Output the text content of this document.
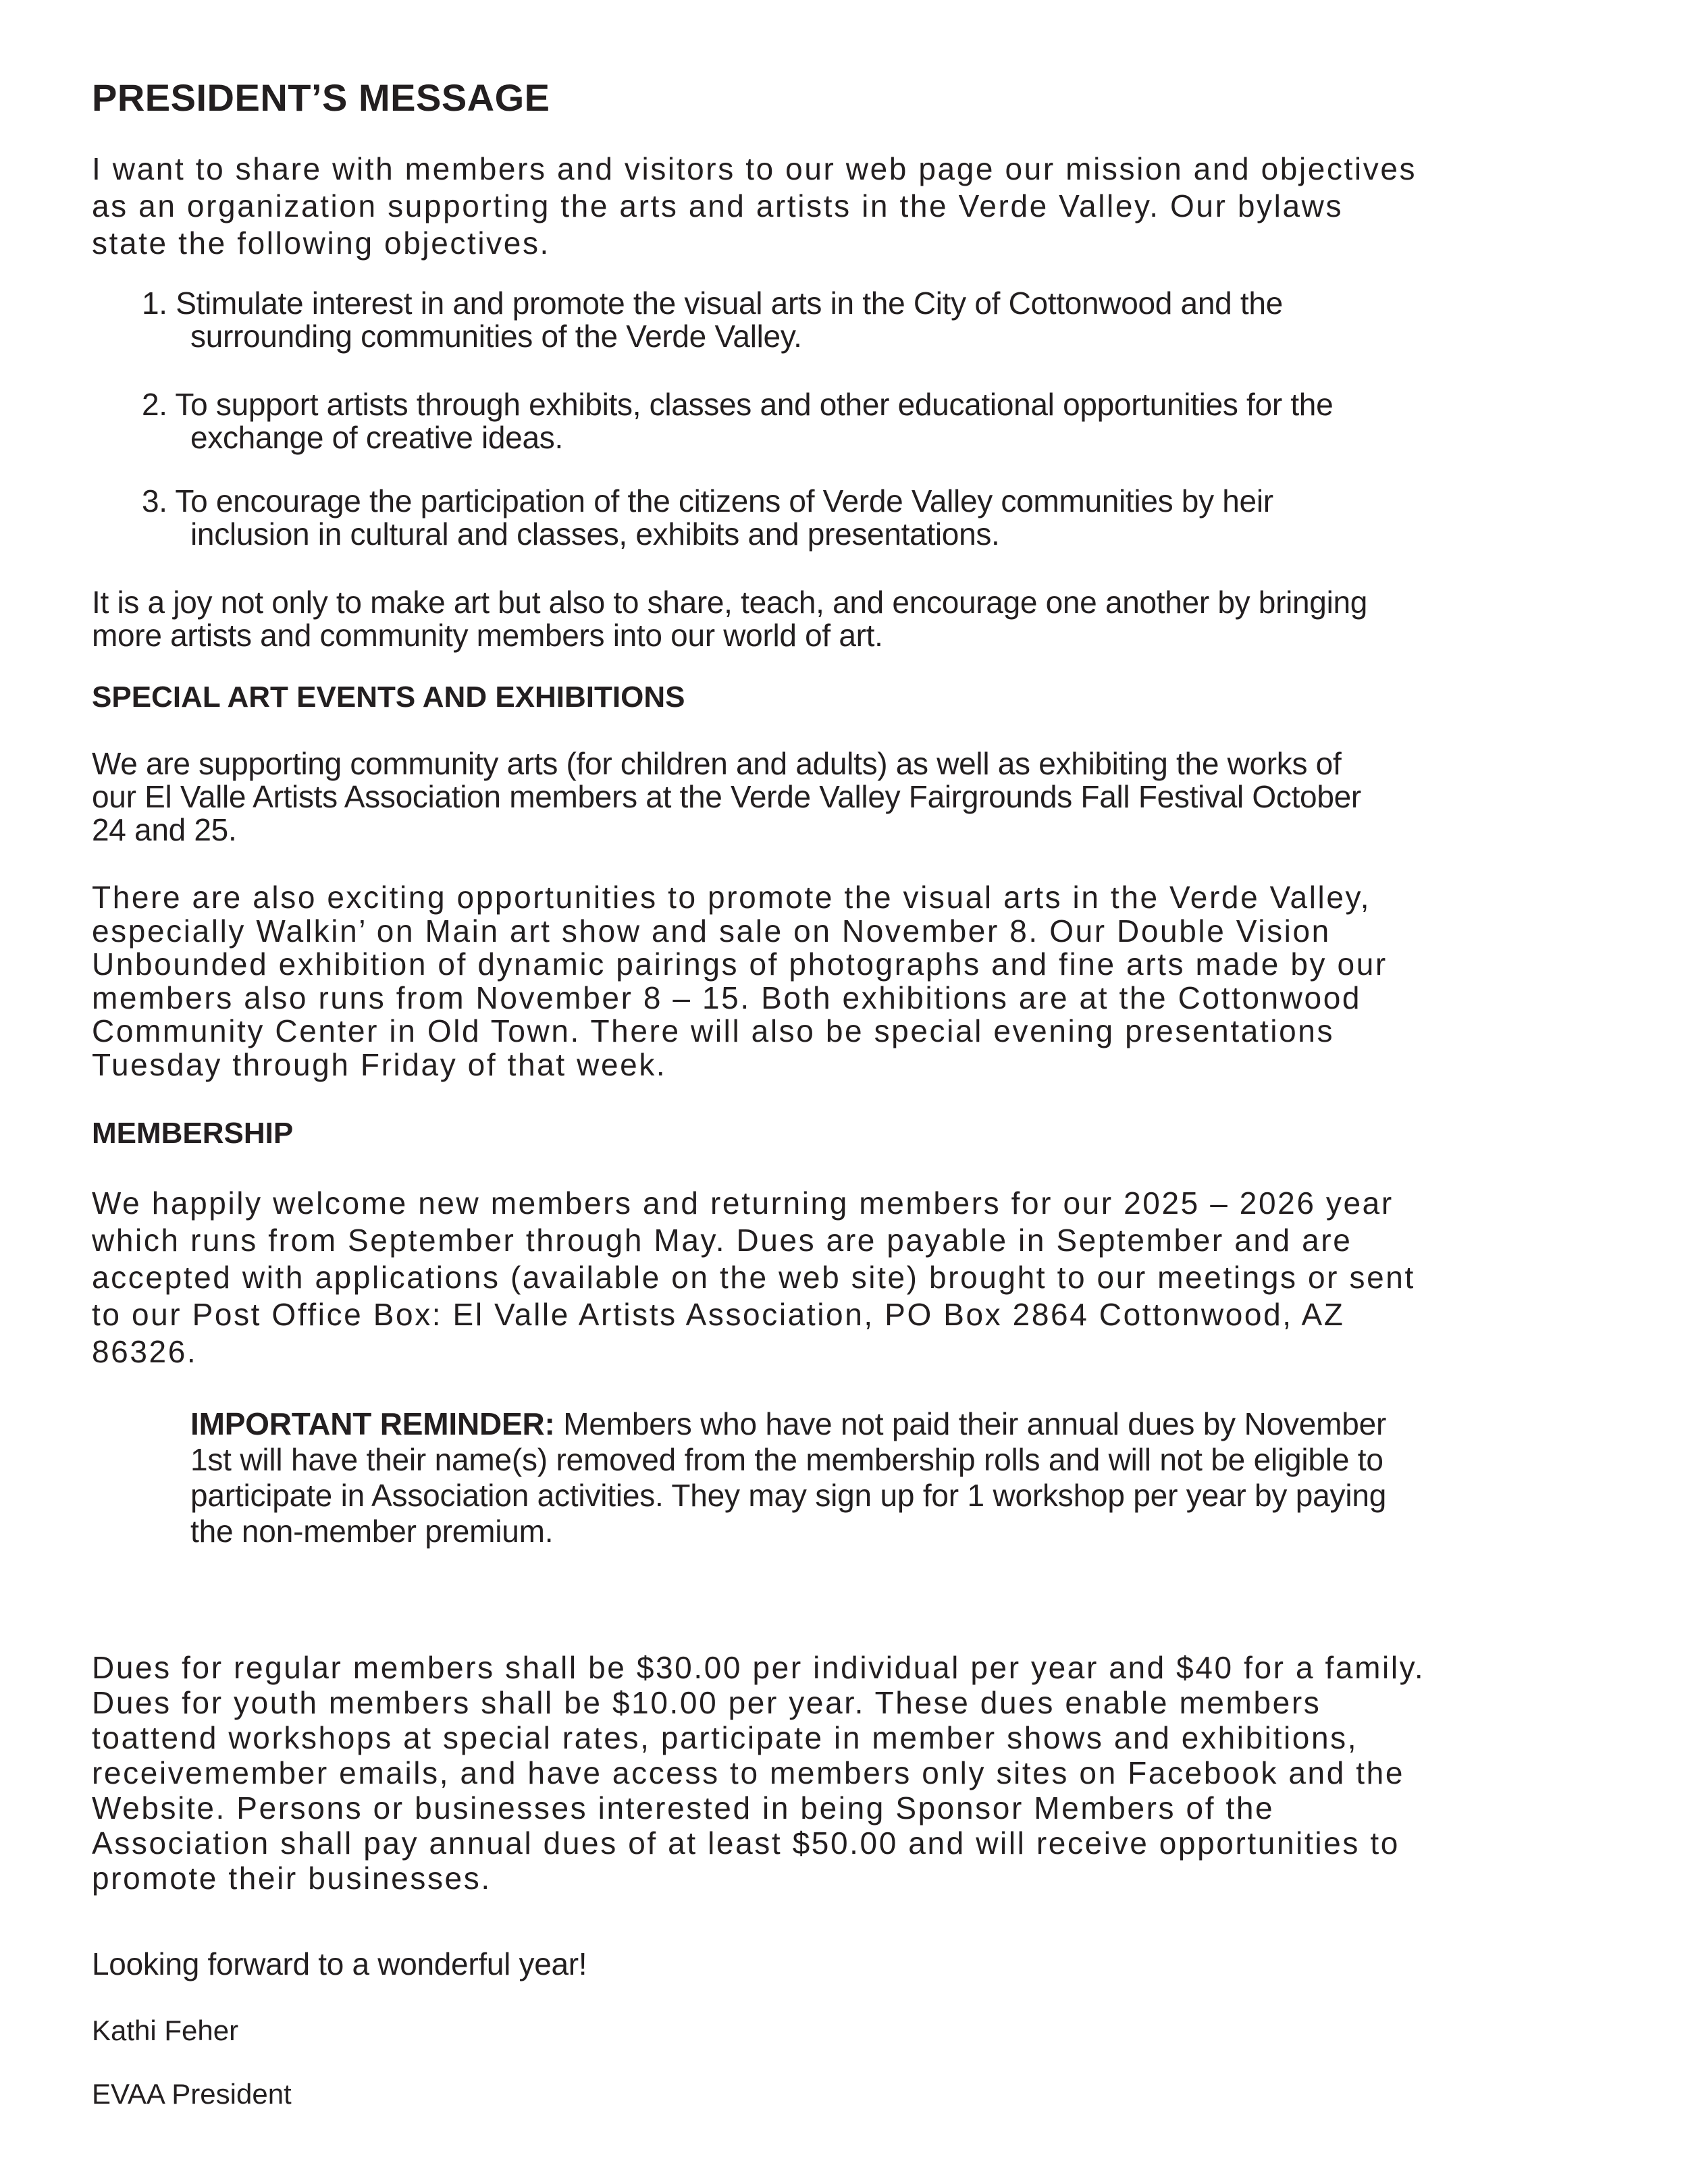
PRESIDENT’S MESSAGE
I want to share with members and visitors to our web page our mission and objectives
as an organization supporting the arts and artists in the Verde Valley. Our bylaws
state the following objectives.
1. Stimulate interest in and promote the visual arts in the City of Cottonwood and the
surrounding communities of the Verde Valley.
2. To support artists through exhibits, classes and other educational opportunities for the
exchange of creative ideas.
3. To encourage the participation of the citizens of Verde Valley communities by heir
inclusion in cultural and classes, exhibits and presentations.
It is a joy not only to make art but also to share, teach, and encourage one another by bringing
more artists and community members into our world of art.
SPECIAL ART EVENTS AND EXHIBITIONS
We are supporting community arts (for children and adults) as well as exhibiting the works of
our El Valle Artists Association members at the Verde Valley Fairgrounds Fall Festival October
24 and 25.
There are also exciting opportunities to promote the visual arts in the Verde Valley,
especially Walkin’ on Main art show and sale on November 8. Our Double Vision
Unbounded exhibition of dynamic pairings of photographs and fine arts made by our
members also runs from November 8 – 15. Both exhibitions are at the Cottonwood
Community Center in Old Town. There will also be special evening presentations
Tuesday through Friday of that week.
MEMBERSHIP
We happily welcome new members and returning members for our 2025 – 2026 year
which runs from September through May. Dues are payable in September and are
accepted with applications (available on the web site) brought to our meetings or sent
to our Post Office Box: El Valle Artists Association, PO Box 2864 Cottonwood, AZ
86326.
IMPORTANT REMINDER: Members who have not paid their annual dues by November
1st will have their name(s) removed from the membership rolls and will not be eligible to
participate in Association activities. They may sign up for 1 workshop per year by paying
the non-member premium.
Dues for regular members shall be $30.00 per individual per year and $40 for a family.
Dues for youth members shall be $10.00 per year. These dues enable members
toattend workshops at special rates, participate in member shows and exhibitions,
receivemember emails, and have access to members only sites on Facebook and the
Website. Persons or businesses interested in being Sponsor Members of the
Association shall pay annual dues of at least $50.00 and will receive opportunities to
promote their businesses.
Looking forward to a wonderful year!
Kathi Feher
EVAA President
